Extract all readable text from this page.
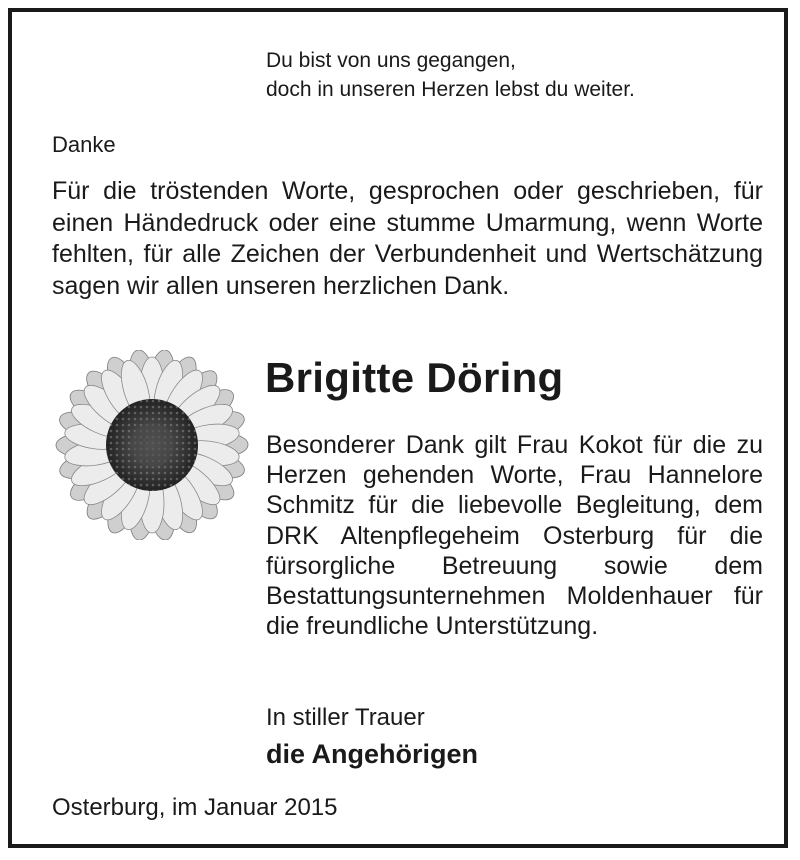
Du bist von uns gegangen,
doch in unseren Herzen lebst du weiter.
Danke
Für die tröstenden Worte, gesprochen oder geschrieben, für einen Händedruck oder eine stumme Umarmung, wenn Worte fehlten, für alle Zeichen der Verbundenheit und Wertschätzung sagen wir allen unseren herzlichen Dank.
Brigitte Döring
Besonderer Dank gilt Frau Kokot für die zu Herzen gehenden Worte, Frau Hannelore Schmitz für die liebevolle Begleitung, dem DRK Altenpflegeheim Osterburg für die fürsorgliche Betreuung sowie dem Bestattungsunternehmen Moldenhauer für die freundliche Unterstützung.
In stiller Trauer
die Angehörigen
Osterburg, im Januar 2015
